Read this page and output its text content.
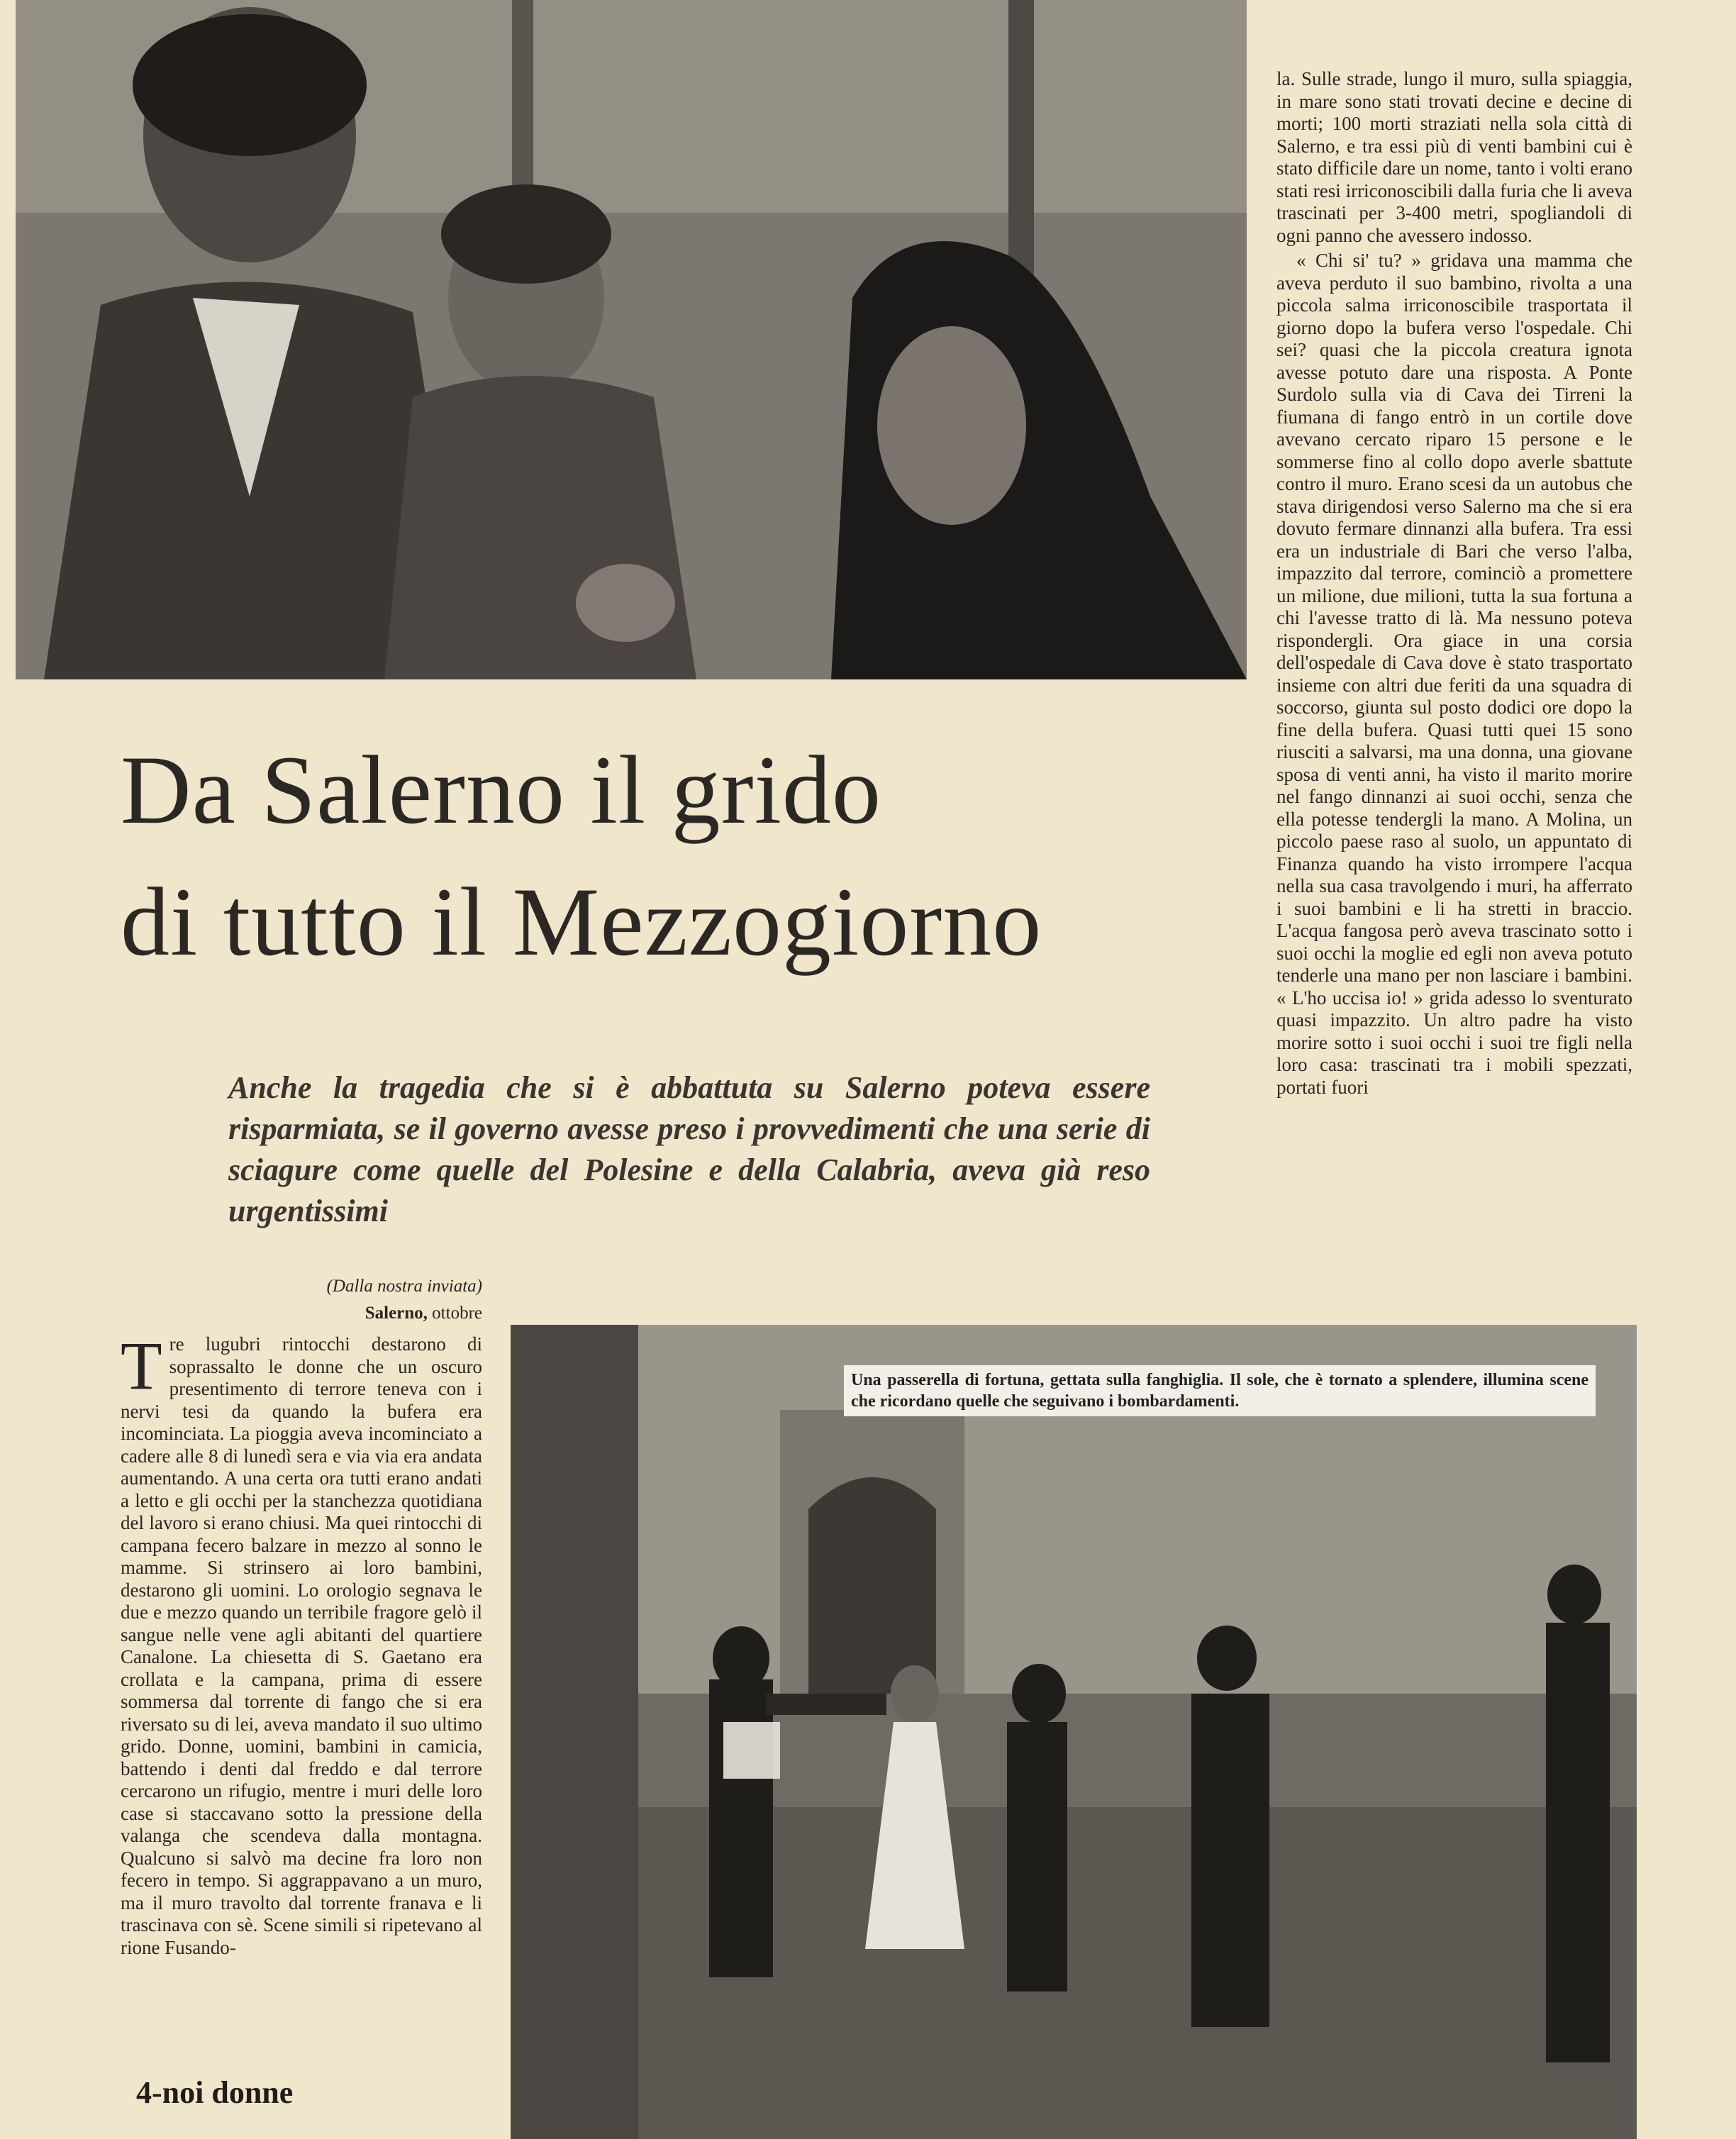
la. Sulle strade, lungo il muro, sulla spiaggia, in mare sono stati trovati decine e decine di morti; 100 morti straziati nella sola città di Salerno, e tra essi più di venti bambini cui è stato difficile dare un nome, tanto i volti erano stati resi irriconoscibili dalla furia che li aveva trascinati per 3-400 metri, spogliandoli di ogni panno che avessero indosso.

« Chi si' tu? » gridava una mamma che aveva perduto il suo bambino, rivolta a una piccola salma irriconoscibile trasportata il giorno dopo la bufera verso l'ospedale. Chi sei? quasi che la piccola creatura ignota avesse potuto dare una risposta. A Ponte Surdolo sulla via di Cava dei Tirreni la fiumana di fango entrò in un cortile dove avevano cercato riparo 15 persone e le sommerse fino al collo dopo averle sbattute contro il muro. Erano scesi da un autobus che stava dirigendosi verso Salerno ma che si era dovuto fermare dinnanzi alla bufera. Tra essi era un industriale di Bari che verso l'alba, impazzito dal terrore, cominciò a promettere un milione, due milioni, tutta la sua fortuna a chi l'avesse tratto di là. Ma nessuno poteva rispondergli. Ora giace in una corsia dell'ospedale di Cava dove è stato trasportato insieme con altri due feriti da una squadra di soccorso, giunta sul posto dodici ore dopo la fine della bufera. Quasi tutti quei 15 sono riusciti a salvarsi, ma una donna, una giovane sposa di venti anni, ha visto il marito morire nel fango dinnanzi ai suoi occhi, senza che ella potesse tendergli la mano. A Molina, un piccolo paese raso al suolo, un appuntato di Finanza quando ha visto irrompere l'acqua nella sua casa travolgendo i muri, ha afferrato i suoi bambini e li ha stretti in braccio. L'acqua fangosa però aveva trascinato sotto i suoi occhi la moglie ed egli non aveva potuto tenderle una mano per non lasciare i bambini. « L'ho uccisa io! » grida adesso lo sventurato quasi impazzito. Un altro padre ha visto morire sotto i suoi occhi i suoi tre figli nella loro casa: trascinati tra i mobili spezzati, portati fuori

Da Salerno il grido
di tutto il Mezzogiorno
Anche la tragedia che si è abbattuta su Salerno poteva essere risparmiata, se il governo avesse preso i provvedimenti che una serie di sciagure come quelle del Polesine e della Calabria, aveva già reso urgentissimi
(Dalla nostra inviata)
Salerno, ottobre

Tre lugubri rintocchi destarono di soprassalto le donne che un oscuro presentimento di terrore teneva con i nervi tesi da quando la bufera era incominciata. La pioggia aveva incominciato a cadere alle 8 di lunedì sera e via via era andata aumentando. A una certa ora tutti erano andati a letto e gli occhi per la stanchezza quotidiana del lavoro si erano chiusi. Ma quei rintocchi di campana fecero balzare in mezzo al sonno le mamme. Si strinsero ai loro bambini, destarono gli uomini. Lo orologio segnava le due e mezzo quando un terribile fragore gelò il sangue nelle vene agli abitanti del quartiere Canalone. La chiesetta di S. Gaetano era crollata e la campana, prima di essere sommersa dal torrente di fango che si era riversato su di lei, aveva mandato il suo ultimo grido. Donne, uomini, bambini in camicia, battendo i denti dal freddo e dal terrore cercarono un rifugio, mentre i muri delle loro case si staccavano sotto la pressione della valanga che scendeva dalla montagna. Qualcuno si salvò ma decine fra loro non fecero in tempo. Si aggrappavano a un muro, ma il muro travolto dal torrente franava e li trascinava con sè. Scene simili si ripetevano al rione Fusando-

Una passerella di fortuna, gettata sulla fanghiglia. Il sole, che è tornato a splendere, illumina scene che ricordano quelle che seguivano i bombardamenti.
4-noi donne
